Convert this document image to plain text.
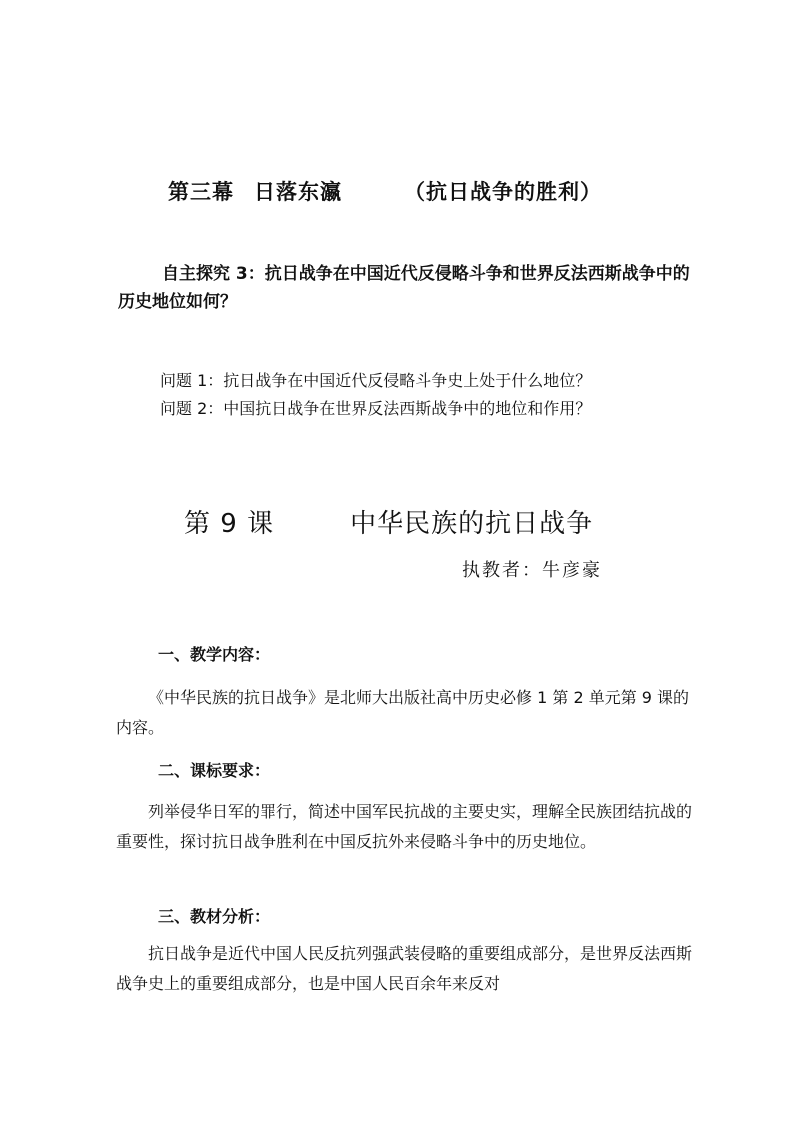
第三幕 日落东瀛	（抗日战争的胜利）
自主探究 3：抗日战争在中国近代反侵略斗争和世界反法西斯战争中的历史地位如何？
问题 1：抗日战争在中国近代反侵略斗争史上处于什么地位？
问题 2：中国抗日战争在世界反法西斯战争中的地位和作用？
第 9 课	中华民族的抗日战争
执教者：牛彦豪
一、教学内容：
《中华民族的抗日战争》是北师大出版社高中历史必修 1 第 2 单元第 9 课的内容。
二、课标要求：
列举侵华日军的罪行，简述中国军民抗战的主要史实，理解全民族团结抗战的重要性，探讨抗日战争胜利在中国反抗外来侵略斗争中的历史地位。
三、教材分析：
抗日战争是近代中国人民反抗列强武装侵略的重要组成部分，是世界反法西斯战争史上的重要组成部分，也是中国人民百余年来反对
